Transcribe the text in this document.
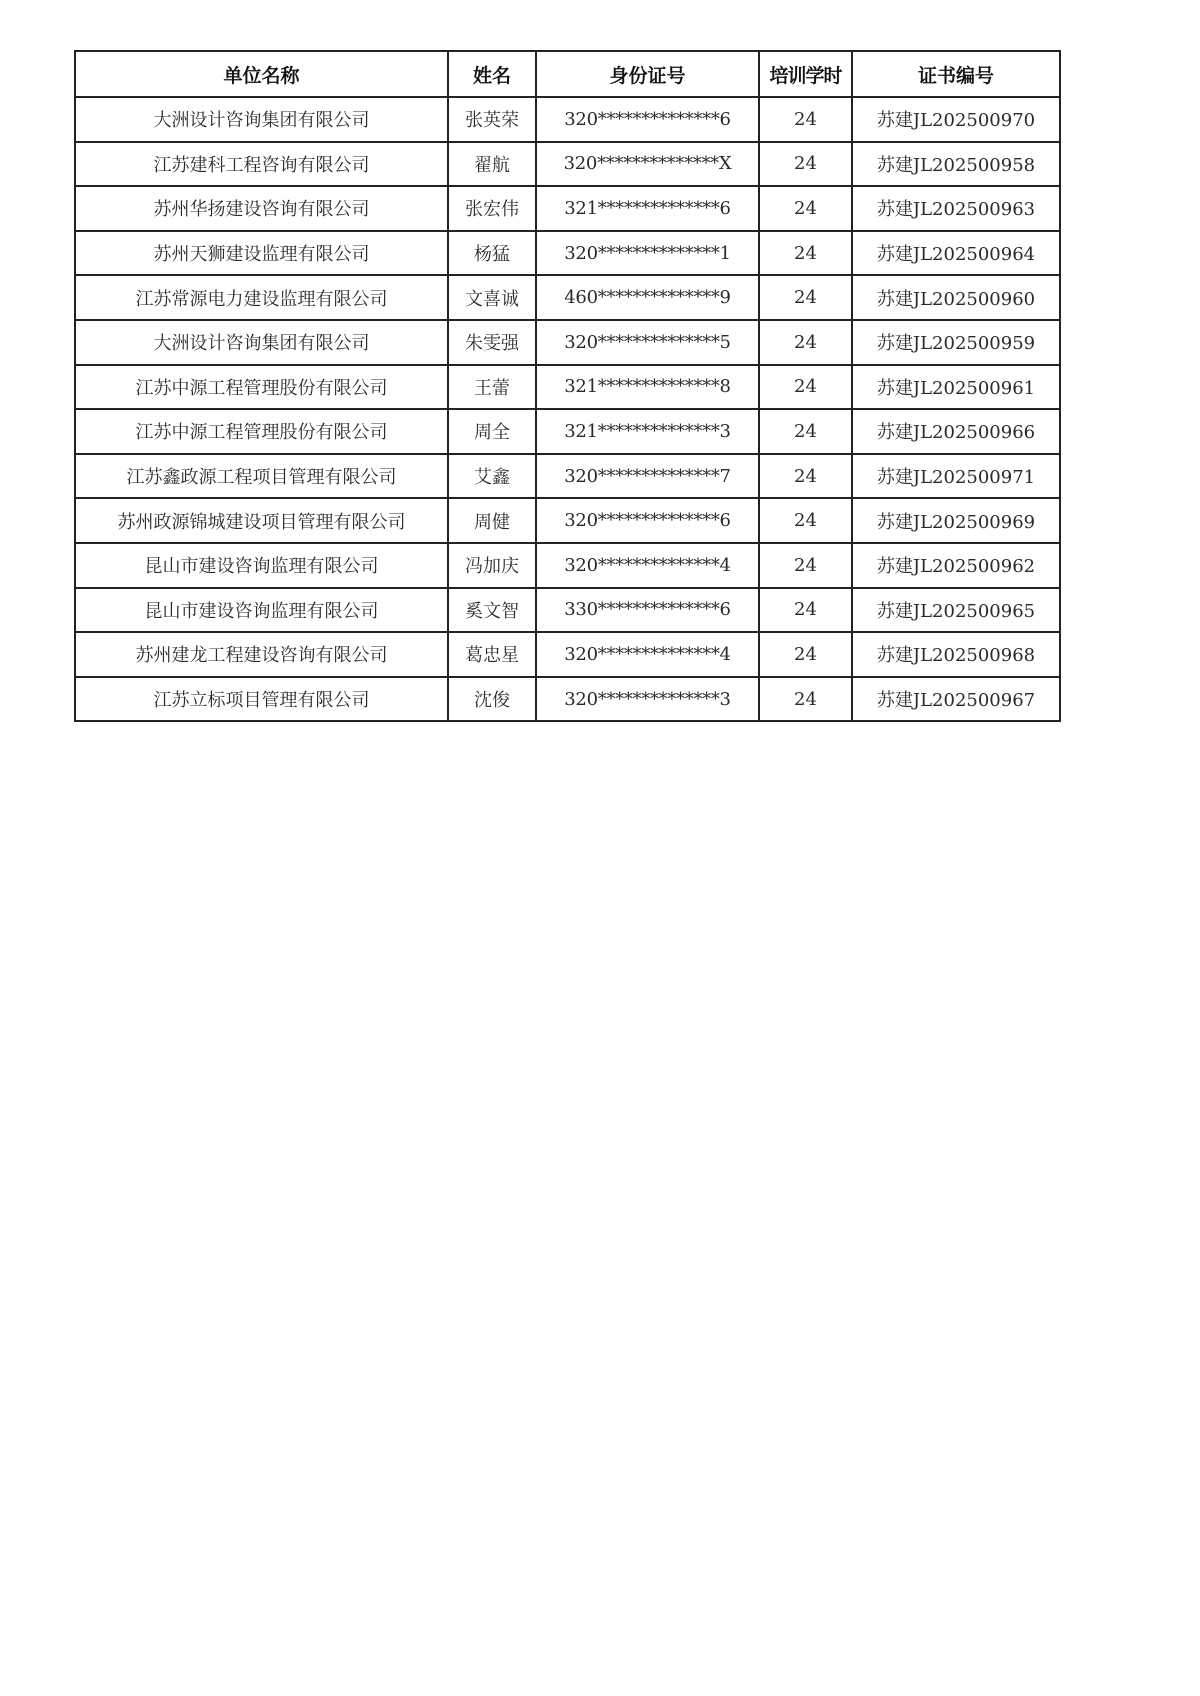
单位名称	姓名	身份证号	培训学时	证书编号
大洲设计咨询集团有限公司	张英荣	320**************6	24	苏建JL202500970
江苏建科工程咨询有限公司	翟航	320**************X	24	苏建JL202500958
苏州华扬建设咨询有限公司	张宏伟	321**************6	24	苏建JL202500963
苏州天狮建设监理有限公司	杨猛	320**************1	24	苏建JL202500964
江苏常源电力建设监理有限公司	文喜诚	460**************9	24	苏建JL202500960
大洲设计咨询集团有限公司	朱雯强	320**************5	24	苏建JL202500959
江苏中源工程管理股份有限公司	王蕾	321**************8	24	苏建JL202500961
江苏中源工程管理股份有限公司	周全	321**************3	24	苏建JL202500966
江苏鑫政源工程项目管理有限公司	艾鑫	320**************7	24	苏建JL202500971
苏州政源锦城建设项目管理有限公司	周健	320**************6	24	苏建JL202500969
昆山市建设咨询监理有限公司	冯加庆	320**************4	24	苏建JL202500962
昆山市建设咨询监理有限公司	奚文智	330**************6	24	苏建JL202500965
苏州建龙工程建设咨询有限公司	葛忠星	320**************4	24	苏建JL202500968
江苏立标项目管理有限公司	沈俊	320**************3	24	苏建JL202500967
